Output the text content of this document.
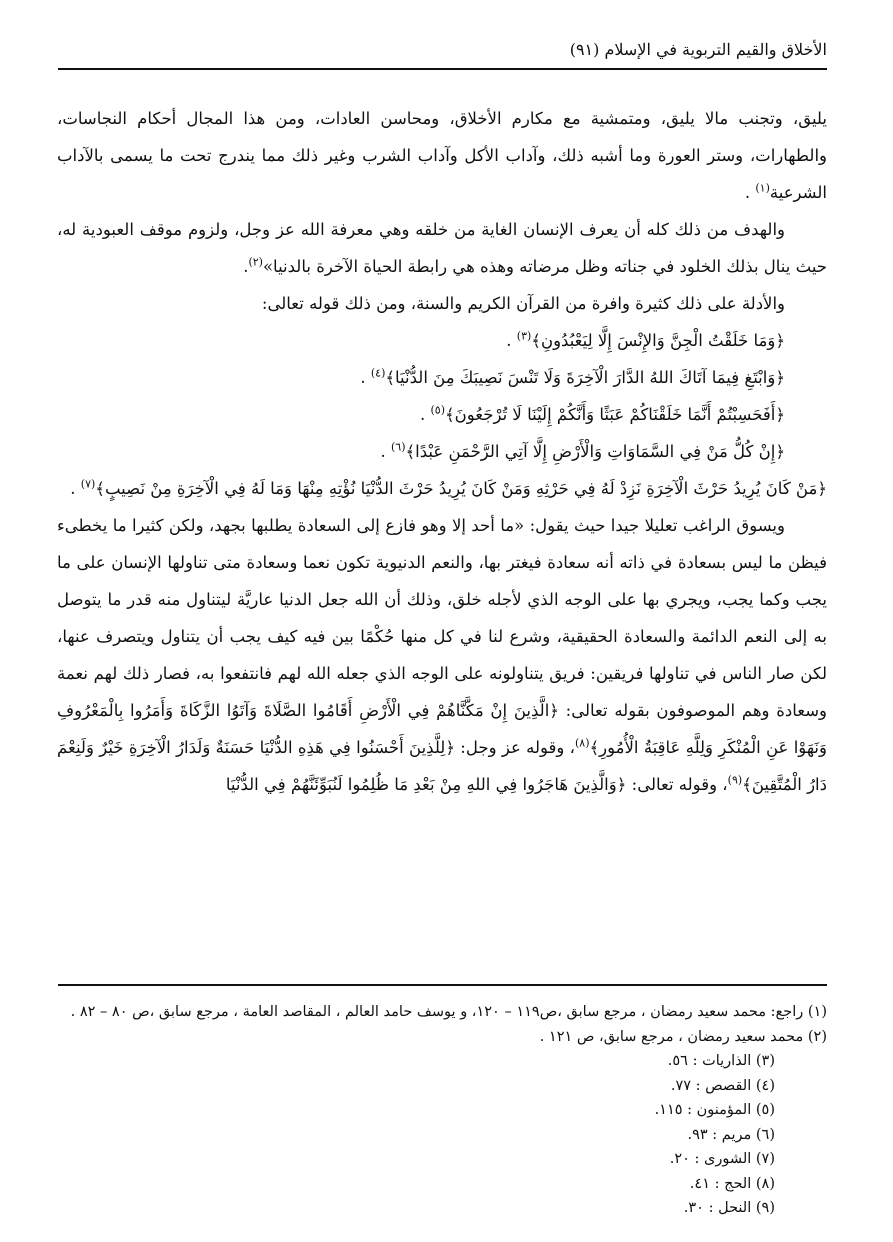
الأخلاق والقيم التربوية في الإسلام (٩١)

يليق، وتجنب مالا يليق، ومتمشية مع مكارم الأخلاق، ومحاسن العادات، ومن هذا المجال أحكام النجاسات، والطهارات، وستر العورة وما أشبه ذلك، وآداب الأكل وآداب الشرب وغير ذلك مما يندرج تحت ما يسمى بالآداب الشرعية$^{(١)}$ .

والهدف من ذلك كله أن يعرف الإنسان الغاية من خلقه وهي معرفة الله عز وجل، ولزوم موقف العبودية له، حيث ينال بذلك الخلود في جناته وظل مرضاته وهذه هي رابطة الحياة الآخرة بالدنيا»$^{(٢)}$.

والأدلة على ذلك كثيرة وافرة من القرآن الكريم والسنة، ومن ذلك قوله تعالى:

﴿وَمَا خَلَقْتُ الْجِنَّ وَالإِنْسَ إِلَّا لِيَعْبُدُونِ﴾$^{(٣)}$ .

﴿وَابْتَغِ فِيمَا آتَاكَ اللهُ الدَّارَ الْآخِرَةَ وَلَا تَنْسَ نَصِيبَكَ مِنَ الدُّنْيَا﴾$^{(٤)}$ .

﴿أَفَحَسِبْتُمْ أَنَّمَا خَلَقْنَاكُمْ عَبَثًا وَأَنَّكُمْ إِلَيْنَا لَا تُرْجَعُونَ﴾$^{(٥)}$ .

﴿إِنْ كُلُّ مَنْ فِي السَّمَاوَاتِ وَالْأَرْضِ إِلَّا آتِي الرَّحْمَنِ عَبْدًا﴾$^{(٦)}$ .

﴿مَنْ كَانَ يُرِيدُ حَرْثَ الْآخِرَةِ نَزِدْ لَهُ فِي حَرْثِهِ وَمَنْ كَانَ يُرِيدُ حَرْثَ الدُّنْيَا نُؤْتِهِ مِنْهَا وَمَا لَهُ فِي الْآخِرَةِ مِنْ نَصِيبٍ﴾$^{(٧)}$ .

ويسوق الراغب تعليلا جيدا حيث يقول: «ما أحد إلا وهو فازع إلى السعادة يطلبها بجهد، ولكن كثيرا ما يخطىء فيظن ما ليس بسعادة في ذاته أنه سعادة فيغتر بها، والنعم الدنيوية تكون نعما وسعادة متى تناولها الإنسان على ما يجب وكما يجب، ويجري بها على الوجه الذي لأجله خلق، وذلك أن الله جعل الدنيا عاريَّة ليتناول منه قدر ما يتوصل به إلى النعم الدائمة والسعادة الحقيقية، وشرع لنا في كل منها حُكْمًا بين فيه كيف يجب أن يتناول ويتصرف عنها، لكن صار الناس في تناولها فريقين: فريق يتناولونه على الوجه الذي جعله الله لهم فانتفعوا به، فصار ذلك لهم نعمة وسعادة وهم الموصوفون بقوله تعالى: ﴿الَّذِينَ إِنْ مَكَّنَّاهُمْ فِي الْأَرْضِ أَقَامُوا الصَّلَاةَ وَآتَوُا الزَّكَاةَ وَأَمَرُوا بِالْمَعْرُوفِ وَنَهَوْا عَنِ الْمُنْكَرِ وَلِلَّهِ عَاقِبَةُ الْأُمُورِ﴾$^{(٨)}$، وقوله عز وجل: ﴿لِلَّذِينَ أَحْسَنُوا فِي هَذِهِ الدُّنْيَا حَسَنَةٌ وَلَدَارُ الْآخِرَةِ خَيْرٌ وَلَنِعْمَ دَارُ الْمُتَّقِينَ﴾$^{(٩)}$، وقوله تعالى: ﴿وَالَّذِينَ هَاجَرُوا فِي اللهِ مِنْ بَعْدِ مَا ظُلِمُوا لَنُبَوِّئَنَّهُمْ فِي الدُّنْيَا

(١) راجع: محمد سعيد رمضان ، مرجع سابق ،ص١١٩ – ١٢٠، و يوسف حامد العالم ، المقاصد العامة ، مرجع سابق ،ص ٨٠ – ٨٢ .
(٢) محمد سعيد رمضان ، مرجع سابق، ص ١٢١ .
(٣) الذاريات : ٥٦.
(٤) القصص : ٧٧.
(٥) المؤمنون : ١١٥.
(٦) مريم : ٩٣.
(٧) الشورى : ٢٠.
(٨) الحج : ٤١.
(٩) النحل : ٣٠.
